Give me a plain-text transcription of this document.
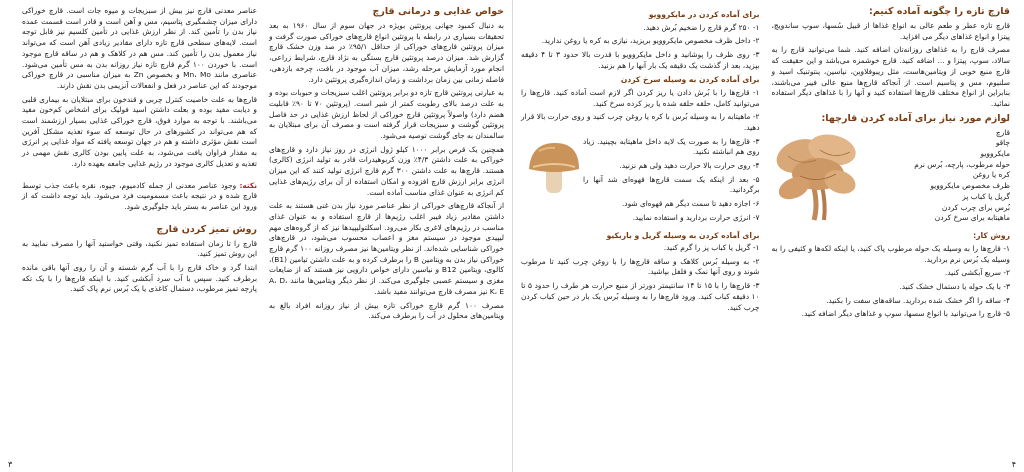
خواص غذایی و درمانی قارچ

به دنبال کمبود جهانی پروتئین بویژه در جهان سوم از سال ۱۹۶۰ به بعد تحقیقات بسیاری در رابطه با پروتئین انواع قارچ‌های خوراکی صورت گرفت و میزان پروتئین قارچ‌های خوراکی از حداقل ۹۵/۱٪ در صد وزن خشک قارچ گزارش شد. میزان درصد پروتئین قارچ بستگی به نژاد قارچ، شرایط زراعی، انجام مورد آزمایش مرحله رشد، میزان آب موجود در بافت، چرخه بازدهی، فاصله زمانی بین زمان برداشت و زمان اندازه‌گیری پروتئین دارد.

به عبارتی پروتئین قارچ تازه دو برابر پروتئین اغلب سبزیجات و حبوبات بوده و به علت درصد بالای رطوبت کمتر از شیر است. (پروتئین ۷۰ تا ۹۰٪ قابلیت هضم دارد) واصولاً پروتئین قارچ خوراکی از لحاظ ارزش غذایی در حد فاصل پروتئین گوشت و سبزیجات قرار گرفته است و مصرف آن برای مبتلایان به سالمندان به جای گوشت توصیه می‌شود.

همچنین یک قرص برابر ۱۰۰۰ کیلو ژول انرژی در روز نیاز دارد و قارچ‌های خوراکی به علت داشتن ۴/۳٪ وزن کربوهیدرات قادر به تولید انرژی (کالری) هستند. قارچ‌ها به علت داشتن ۳۰۰ گرم قارچ انرژی تولید کنند که این میزان انرژی برابر ارزش قارچ افزوده و امکان استفاده از آن برای رژیم‌های غذایی کم انرژی به عنوان غذای مناسب آماده است.

از آنجاکه قارچ‌های خوراکی از نظر عناصر مورد نیاز بدن غنی هستند به علت داشتن مقادیر زیاد فیبر اغلب رژیم‌ها از قارچ استفاده و به عنوان غذای مناسب در رژیم‌های لاغری بکار می‌رود. اسکلتولیپیدها نیز که از گروه‌های مهم لیپیدی موجود در سیستم مغز و اعصاب محسوب می‌شود، در قارچ‌های خوراکی شناسایی شده‌اند. از نظر ویتامین‌ها نیز مصرف روزانه ۱۰۰ گرم قارچ خوراکی نیاز بدن به ویتامین B را برطرف کرده و به علت داشتن تیامین (B1)، کالوی، ویتامین B12 و نیاسین دارای خواص دارویی نیز هستند که از ضایعات مغزی و سیستم عصبی جلوگیری می‌کند. از نظر دیگر ویتامین‌ها مانند A، D، K، E نیز مصرف قارچ می‌توانند مفید باشد.

مصرف ۱۰۰ گرم قارچ خوراکی تازه بیش از نیاز روزانه افراد بالغ به ویتامین‌های محلول در آب را برطرف می‌کند.

عناصر معدنی قارچ نیز بیش از سبزیجات و میوه جات است. قارچ خوراکی دارای میزان چشمگیری پتاسیم، مس و آهن است و قادر است قسمت عمده نیاز بدن را تأمین کند. از نظر ارزش غذایی در تأمین کلسیم نیز قابل توجه است. لایه‌های سطحی قارچ تازه دارای مقادیر زیادی آهن است که می‌تواند نیاز معمول بدن را تأمین کند. مس هم در کلاهک و هم در ساقه قارچ موجود است. با خوردن ۱۰۰ گرم قارچ تازه نیاز روزانه بدن به مس تأمین می‌شود. عناصری مانند Mn، Mo و بخصوص Zn به میزان مناسبی در قارچ خوراکی موجودند که این عناصر در فعل و انفعالات آنزیمی بدن نقش دارند.

قارچ‌ها به علت خاصیت کنترل چربی و قندخون برای مبتلایان به بیماری قلبی و دیابت مفید بوده و بعلت داشتن اسید فولیک برای اشخاص کم‌خون مفید می‌باشند. با توجه به موارد فوق، قارچ خوراکی غذایی بسیار ارزشمند است که هم می‌تواند در کشورهای در حال توسعه که سوء تغذیه مشکل آفرین است نقش مؤثری داشته و هم در جهان توسعه یافته که مواد غذایی پر انرژی به مقدار فراوان یافت می‌شود، به علت پایین بودن کالری نقش مهمی در تغذیه و تعدیل کالری موجود در رژیم غذایی جامعه بعهده دارد.

نکته: وجود عناصر معدنی از جمله کادمیوم، جیوه، نقره باعث جذب توسط قارچ شده و در نتیجه باعث مسمومیت فرد می‌شود. باید توجه داشت که از ورود این عناصر به بستر باید جلوگیری شود.

روش تمیز کردن قارچ

قارچ را تا زمان استفاده تمیز نکنید، وقتی خواستید آنها را مصرف نمایید به این روش تمیز کنید.

ابتدا گرد و خاک قارچ را با آب گرم شسته و آن را روی آنها باقی مانده برطرف کنید. سپس با آب سرد آبکشی کنید. با اینکه قارچ‌ها را با یک تکه پارچه تمیز مرطوب، دستمال کاغذی یا یک بُرس نرم پاک کنید.

۳
قارچ تازه را چگونه آماده کنیم:

قارچ تازه عطر و طعم عالی به انواع غذاها از قبیل سُسها، سوپ ساندویچ، پیتزا و انواع غذاهای دیگر می افزاید.

مصرف قارچ را به غذاهای روزانه‌تان اضافه کنید. شما می‌توانید قارچ را به سالاد، سوپ، پیتزا و ... اضافه کنید. قارچ خوشمزه می‌باشد و این حقیقت که قارچ منبع خوبی از ویتامین‌هاست، مثل ریبوفلاوین، نیاسین، پنتوتنیک اسید و سلنیوم، مس و پتاسیم است. از آنجاکه قارچ‌ها منبع عالی فیبر می‌باشند، بنابراین از انواع مختلف قارچ‌ها استفاده کنید و آنها را با غذاهای دیگر استفاده نمائید.

لوازم مورد نیاز برای آماده کردن قارچها:
قارچ
چاقو
مایکروویو
حوله مرطوب، پارچه، بُرس نرم
کره یا روغن
ظرف مخصوص مایکروویو
گریل یا کباب پز
بُرس برای چرب کردن
ماهیتابه برای سرخ کردن
روش کار:

۱- قارچ‌ها را به وسیله یک حوله مرطوب پاک کنید، یا اینکه لکه‌ها و کثیفی را به وسیله یک بُرس نرم بردارید.

۲- سریع آبکشی کنید.

۳- با یک حوله یا دستمال خشک کنید.

۴- ساقه را اگر خشک شده بردارید. ساقه‌های سفت را بکنید.

۵- قارچ را می‌توانید با انواع سسها، سوپ و غذاهای دیگر اضافه کنید.

برای آماده کردن در مایکروویو

۱- ۲۵۰ گرم قارچ را ضخیم بُرش دهید.

۲- داخل ظرف مخصوص مایکروویو بریزید، نیازی به کره یا روغن ندارید.

۳- روی ظرف را پوشانید و داخل مایکروویو با قدرت بالا حدود ۳ تا ۴ دقیقه بپزید، بعد از گذشت یک دقیقه یک بار آنها را هم بزنید.

برای آماده کردن به وسیله سرخ کردن

۱- قارچ‌ها را با بُرش دادن یا ریز کردن اگر لازم است آماده کنید. قارچ‌ها را می‌توانید کامل، حلقه حلقه شده یا ریز کرده سرخ کنید.

۲- ماهیتابه را به وسیله بُرس با کره یا روغن چرب کنید و روی حرارت بالا قرار دهید.

۳- قارچ‌ها را به صورت یک لایه داخل ماهیتابه بچینید. زیاد روی هم انباشته نکنید.

۴- روی حرارت بالا حرارت دهید ولی هم نزنید.

۵- بعد از اینکه یک سمت قارچ‌ها قهوه‌ای شد آنها را برگردانید.

۶- اجازه دهید تا سمت دیگر هم قهوه‌ای شود.

۷- انرژی حرارت بردارید و استفاده نمایید.

برای آماده کردن به وسیله گریل و باربکیو

۱- گریل یا کباب پز را گرم کنید.

۲- به وسیله بُرس کلاهک و ساقه قارچ‌ها را با روغن چرب کنید تا مرطوب شوند و روی آنها نمک و فلفل بپاشید.

۳- قارچ‌ها را با ۱۵ تا ۱۴ سانتیمتر دورتر از منبع حرارت هر طرف را حدود ۵ تا ۱۰ دقیقه کباب کنید. ورود قارچ‌ها را به وسیله بُرس یک بار در حین کباب کردن چرب کنید.

۴
